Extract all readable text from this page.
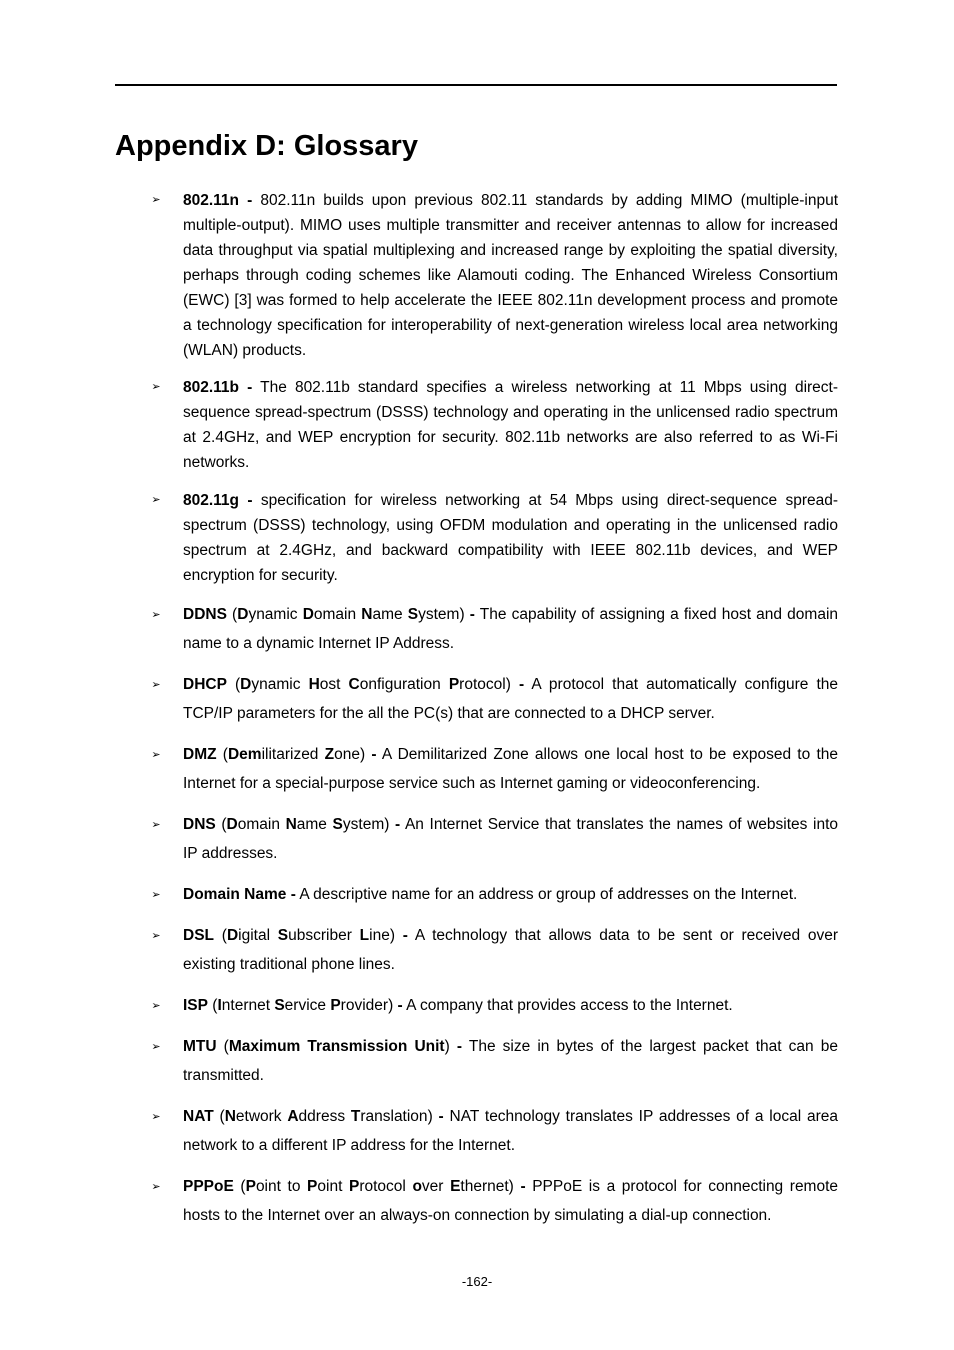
Appendix D: Glossary
➢ 802.11n - 802.11n builds upon previous 802.11 standards by adding MIMO (multiple-input multiple-output). MIMO uses multiple transmitter and receiver antennas to allow for increased data throughput via spatial multiplexing and increased range by exploiting the spatial diversity, perhaps through coding schemes like Alamouti coding. The Enhanced Wireless Consortium (EWC) [3] was formed to help accelerate the IEEE 802.11n development process and promote a technology specification for interoperability of next-generation wireless local area networking (WLAN) products.
➢ 802.11b - The 802.11b standard specifies a wireless networking at 11 Mbps using direct-sequence spread-spectrum (DSSS) technology and operating in the unlicensed radio spectrum at 2.4GHz, and WEP encryption for security. 802.11b networks are also referred to as Wi-Fi networks.
➢ 802.11g - specification for wireless networking at 54 Mbps using direct-sequence spread-spectrum (DSSS) technology, using OFDM modulation and operating in the unlicensed radio spectrum at 2.4GHz, and backward compatibility with IEEE 802.11b devices, and WEP encryption for security.
➢ DDNS (Dynamic Domain Name System) - The capability of assigning a fixed host and domain name to a dynamic Internet IP Address.
➢ DHCP (Dynamic Host Configuration Protocol) - A protocol that automatically configure the TCP/IP parameters for the all the PC(s) that are connected to a DHCP server.
➢ DMZ (Demilitarized Zone) - A Demilitarized Zone allows one local host to be exposed to the Internet for a special-purpose service such as Internet gaming or videoconferencing.
➢ DNS (Domain Name System) - An Internet Service that translates the names of websites into IP addresses.
➢ Domain Name - A descriptive name for an address or group of addresses on the Internet.
➢ DSL (Digital Subscriber Line) - A technology that allows data to be sent or received over existing traditional phone lines.
➢ ISP (Internet Service Provider) - A company that provides access to the Internet.
➢ MTU (Maximum Transmission Unit) - The size in bytes of the largest packet that can be transmitted.
➢ NAT (Network Address Translation) - NAT technology translates IP addresses of a local area network to a different IP address for the Internet.
➢ PPPoE (Point to Point Protocol over Ethernet) - PPPoE is a protocol for connecting remote hosts to the Internet over an always-on connection by simulating a dial-up connection.
-162-
